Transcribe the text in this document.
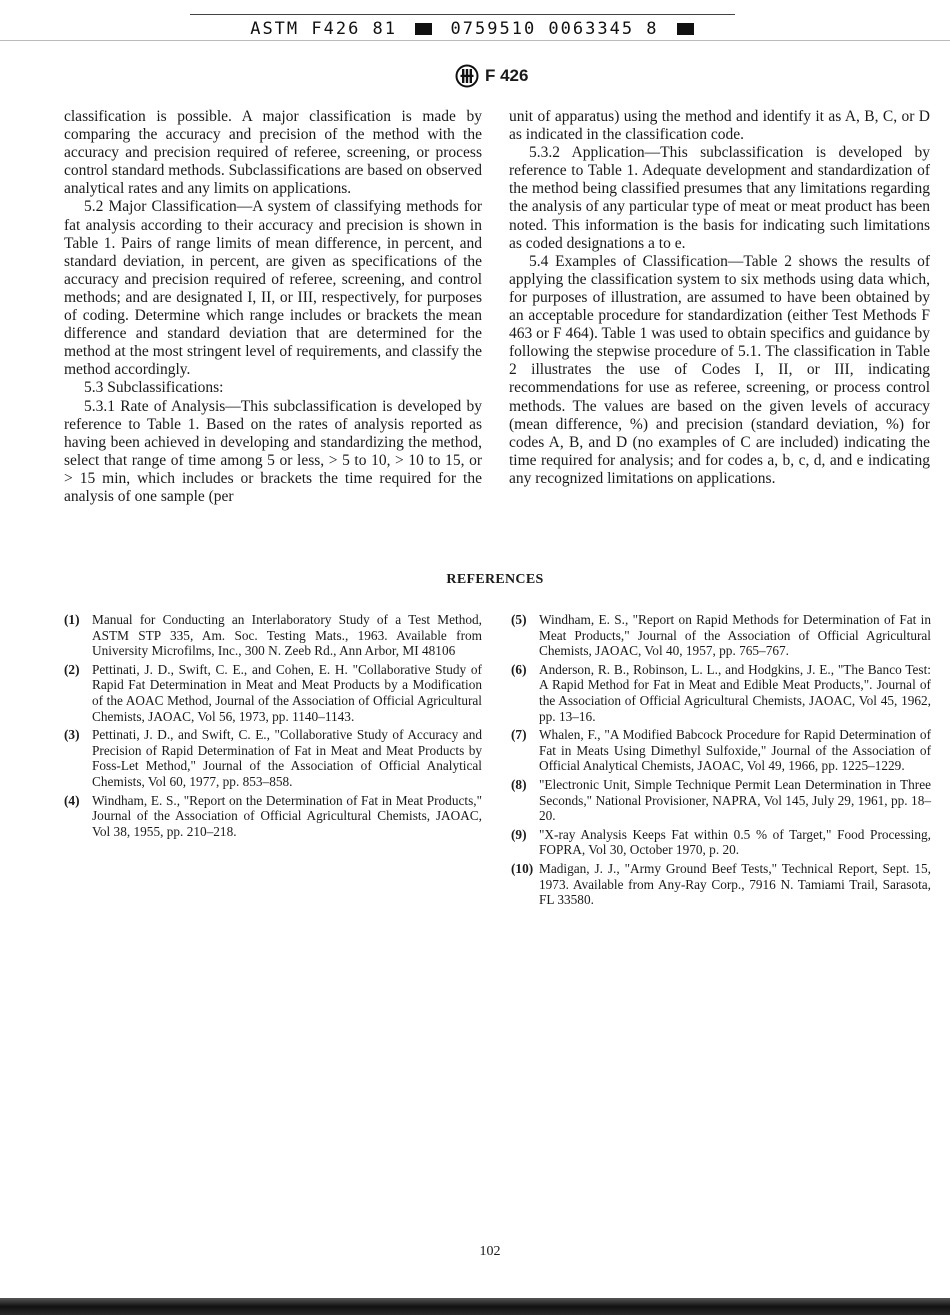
ASTM F426 81	0759510 0063345 8
F 426

classification is possible. A major classification is made by comparing the accuracy and precision of the method with the accuracy and precision required of referee, screening, or process control standard methods. Subclassifications are based on observed analytical rates and any limits on applications.

5.2 Major Classification—A system of classifying methods for fat analysis according to their accuracy and precision is shown in Table 1. Pairs of range limits of mean difference, in percent, and standard deviation, in percent, are given as specifications of the accuracy and precision required of referee, screening, and control methods; and are designated I, II, or III, respectively, for purposes of coding. Determine which range includes or brackets the mean difference and standard deviation that are determined for the method at the most stringent level of requirements, and classify the method accordingly.

5.3 Subclassifications:

5.3.1 Rate of Analysis—This subclassification is developed by reference to Table 1. Based on the rates of analysis reported as having been achieved in developing and standardizing the method, select that range of time among 5 or less, > 5 to 10, > 10 to 15, or > 15 min, which includes or brackets the time required for the analysis of one sample (per

unit of apparatus) using the method and identify it as A, B, C, or D as indicated in the classification code.

5.3.2 Application—This subclassification is developed by reference to Table 1. Adequate development and standardization of the method being classified presumes that any limitations regarding the analysis of any particular type of meat or meat product has been noted. This information is the basis for indicating such limitations as coded designations a to e.

5.4 Examples of Classification—Table 2 shows the results of applying the classification system to six methods using data which, for purposes of illustration, are assumed to have been obtained by an acceptable procedure for standardization (either Test Methods F 463 or F 464). Table 1 was used to obtain specifics and guidance by following the stepwise procedure of 5.1. The classification in Table 2 illustrates the use of Codes I, II, or III, indicating recommendations for use as referee, screening, or process control methods. The values are based on the given levels of accuracy (mean difference, %) and precision (standard deviation, %) for codes A, B, and D (no examples of C are included) indicating the time required for analysis; and for codes a, b, c, d, and e indicating any recognized limitations on applications.

REFERENCES
(1) Manual for Conducting an Interlaboratory Study of a Test Method, ASTM STP 335, Am. Soc. Testing Mats., 1963. Available from University Microfilms, Inc., 300 N. Zeeb Rd., Ann Arbor, MI 48106
(2) Pettinati, J. D., Swift, C. E., and Cohen, E. H. "Collaborative Study of Rapid Fat Determination in Meat and Meat Products by a Modification of the AOAC Method, Journal of the Association of Official Agricultural Chemists, JAOAC, Vol 56, 1973, pp. 1140–1143.
(3) Pettinati, J. D., and Swift, C. E., "Collaborative Study of Accuracy and Precision of Rapid Determination of Fat in Meat and Meat Products by Foss-Let Method," Journal of the Association of Official Analytical Chemists, Vol 60, 1977, pp. 853–858.
(4) Windham, E. S., "Report on the Determination of Fat in Meat Products," Journal of the Association of Official Agricultural Chemists, JAOAC, Vol 38, 1955, pp. 210–218.
(5) Windham, E. S., "Report on Rapid Methods for Determination of Fat in Meat Products," Journal of the Association of Official Agricultural Chemists, JAOAC, Vol 40, 1957, pp. 765–767.
(6) Anderson, R. B., Robinson, L. L., and Hodgkins, J. E., "The Banco Test: A Rapid Method for Fat in Meat and Edible Meat Products,". Journal of the Association of Official Agricultural Chemists, JAOAC, Vol 45, 1962, pp. 13–16.
(7) Whalen, F., "A Modified Babcock Procedure for Rapid Determination of Fat in Meats Using Dimethyl Sulfoxide," Journal of the Association of Official Analytical Chemists, JAOAC, Vol 49, 1966, pp. 1225–1229.
(8) "Electronic Unit, Simple Technique Permit Lean Determination in Three Seconds," National Provisioner, NAPRA, Vol 145, July 29, 1961, pp. 18–20.
(9) "X-ray Analysis Keeps Fat within 0.5 % of Target," Food Processing, FOPRA, Vol 30, October 1970, p. 20.
(10) Madigan, J. J., "Army Ground Beef Tests," Technical Report, Sept. 15, 1973. Available from Any-Ray Corp., 7916 N. Tamiami Trail, Sarasota, FL 33580.
102
